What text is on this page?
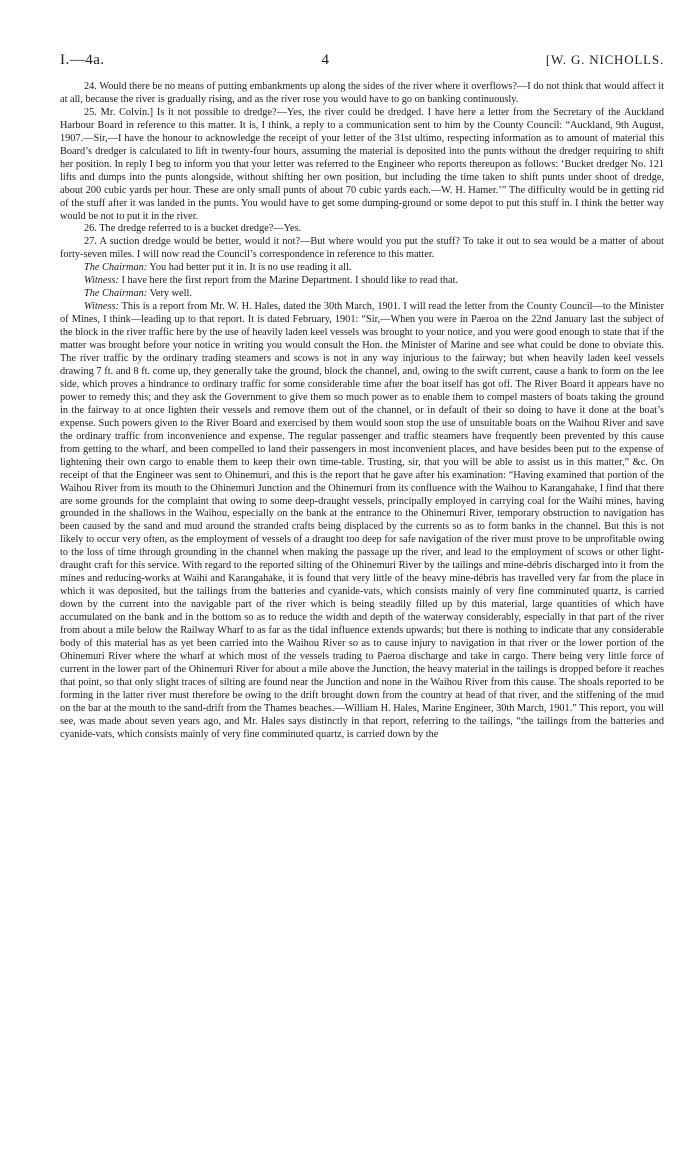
I.—4a.	4	[W. G. NICHOLLS.

24. Would there be no means of putting embankments up along the sides of the river where it overflows?—I do not think that would affect it at all, because the river is gradually rising, and as the river rose you would have to go on banking continuously.

25. Mr. Colvin.] Is it not possible to dredge?—Yes, the river could be dredged. I have here a letter from the Secretary of the Auckland Harbour Board in reference to this matter. It is, I think, a reply to a communication sent to him by the County Council: “Auckland, 9th August, 1907.—Sir,—I have the honour to acknowledge the receipt of your letter of the 31st ultimo, respecting information as to amount of material this Board’s dredger is calculated to lift in twenty-four hours, assuming the material is deposited into the punts without the dredger requiring to shift her position. In reply I beg to inform you that your letter was referred to the Engineer who reports thereupon as follows: ‘Bucket dredger No. 121 lifts and dumps into the punts alongside, without shifting her own position, but including the time taken to shift punts under shoot of dredge, about 200 cubic yards per hour. These are only small punts of about 70 cubic yards each.—W. H. Hamer.’” The difficulty would be in getting rid of the stuff after it was landed in the punts. You would have to get some dumping-ground or some depot to put this stuff in. I think the better way would be not to put it in the river.

26. The dredge referred to is a bucket dredge?—Yes.

27. A suction dredge would be better, would it not?—But where would you put the stuff? To take it out to sea would be a matter of about forty-seven miles. I will now read the Council’s correspondence in reference to this matter.

The Chairman: You had better put it in. It is no use reading it all.

Witness: I have here the first report from the Marine Department. I should like to read that.

The Chairman: Very well.

Witness: This is a report from Mr. W. H. Hales, dated the 30th March, 1901. I will read the letter from the County Council—to the Minister of Mines, I think—leading up to that report. It is dated February, 1901: “Sir,—When you were in Paeroa on the 22nd January last the subject of the block in the river traffic here by the use of heavily laden keel vessels was brought to your notice, and you were good enough to state that if the matter was brought before your notice in writing you would consult the Hon. the Minister of Marine and see what could be done to obviate this. The river traffic by the ordinary trading steamers and scows is not in any way injurious to the fairway; but when heavily laden keel vessels drawing 7 ft. and 8 ft. come up, they generally take the ground, block the channel, and, owing to the swift current, cause a bank to form on the lee side, which proves a hindrance to ordinary traffic for some considerable time after the boat itself has got off. The River Board it appears have no power to remedy this; and they ask the Government to give them so much power as to enable them to compel masters of boats taking the ground in the fairway to at once lighten their vessels and remove them out of the channel, or in default of their so doing to have it done at the boat’s expense. Such powers given to the River Board and exercised by them would soon stop the use of unsuitable boats on the Waihou River and save the ordinary traffic from inconvenience and expense. The regular passenger and traffic steamers have frequently been prevented by this cause from getting to the wharf, and been compelled to land their passengers in most inconvenient places, and have besides been put to the expense of lightening their own cargo to enable them to keep their own time-table. Trusting, sir, that you will be able to assist us in this matter,” &c. On receipt of that the Engineer was sent to Ohinemuri, and this is the report that he gave after his examination: “Having examined that portion of the Waihou River from its mouth to the Ohinemuri Junction and the Ohinemuri from its confluence with the Waihou to Karangahake, I find that there are some grounds for the complaint that owing to some deep-draught vessels, principally employed in carrying coal for the Waihi mines, having grounded in the shallows in the Waihou, especially on the bank at the entrance to the Ohinemuri River, temporary obstruction to navigation has been caused by the sand and mud around the stranded crafts being displaced by the currents so as to form banks in the channel. But this is not likely to occur very often, as the employment of vessels of a draught too deep for safe navigation of the river must prove to be unprofitable owing to the loss of time through grounding in the channel when making the passage up the river, and lead to the employment of scows or other light-draught craft for this service. With regard to the reported silting of the Ohinemuri River by the tailings and mine-débris discharged into it from the mines and reducing-works at Waihi and Karangahake, it is found that very little of the heavy mine-débris has travelled very far from the place in which it was deposited, but the tailings from the batteries and cyanide-vats, which consists mainly of very fine comminuted quartz, is carried down by the current into the navigable part of the river which is being steadily filled up by this material, large quantities of which have accumulated on the bank and in the bottom so as to reduce the width and depth of the waterway considerably, especially in that part of the river from about a mile below the Railway Wharf to as far as the tidal influence extends upwards; but there is nothing to indicate that any considerable body of this material has as yet been carried into the Waihou River so as to cause injury to navigation in that river or the lower portion of the Ohinemuri River where the wharf at which most of the vessels trading to Paeroa discharge and take in cargo. There being very little force of current in the lower part of the Ohinemuri River for about a mile above the Junction, the heavy material in the tailings is dropped before it reaches that point, so that only slight traces of silting are found near the Junction and none in the Waihou River from this cause. The shoals reported to be forming in the latter river must therefore be owing to the drift brought down from the country at head of that river, and the stiffening of the mud on the bar at the mouth to the sand-drift from the Thames beaches.—William H. Hales, Marine Engineer, 30th March, 1901.” This report, you will see, was made about seven years ago, and Mr. Hales says distinctly in that report, referring to the tailings, “the tailings from the batteries and cyanide-vats, which consists mainly of very fine comminuted quartz, is carried down by the
